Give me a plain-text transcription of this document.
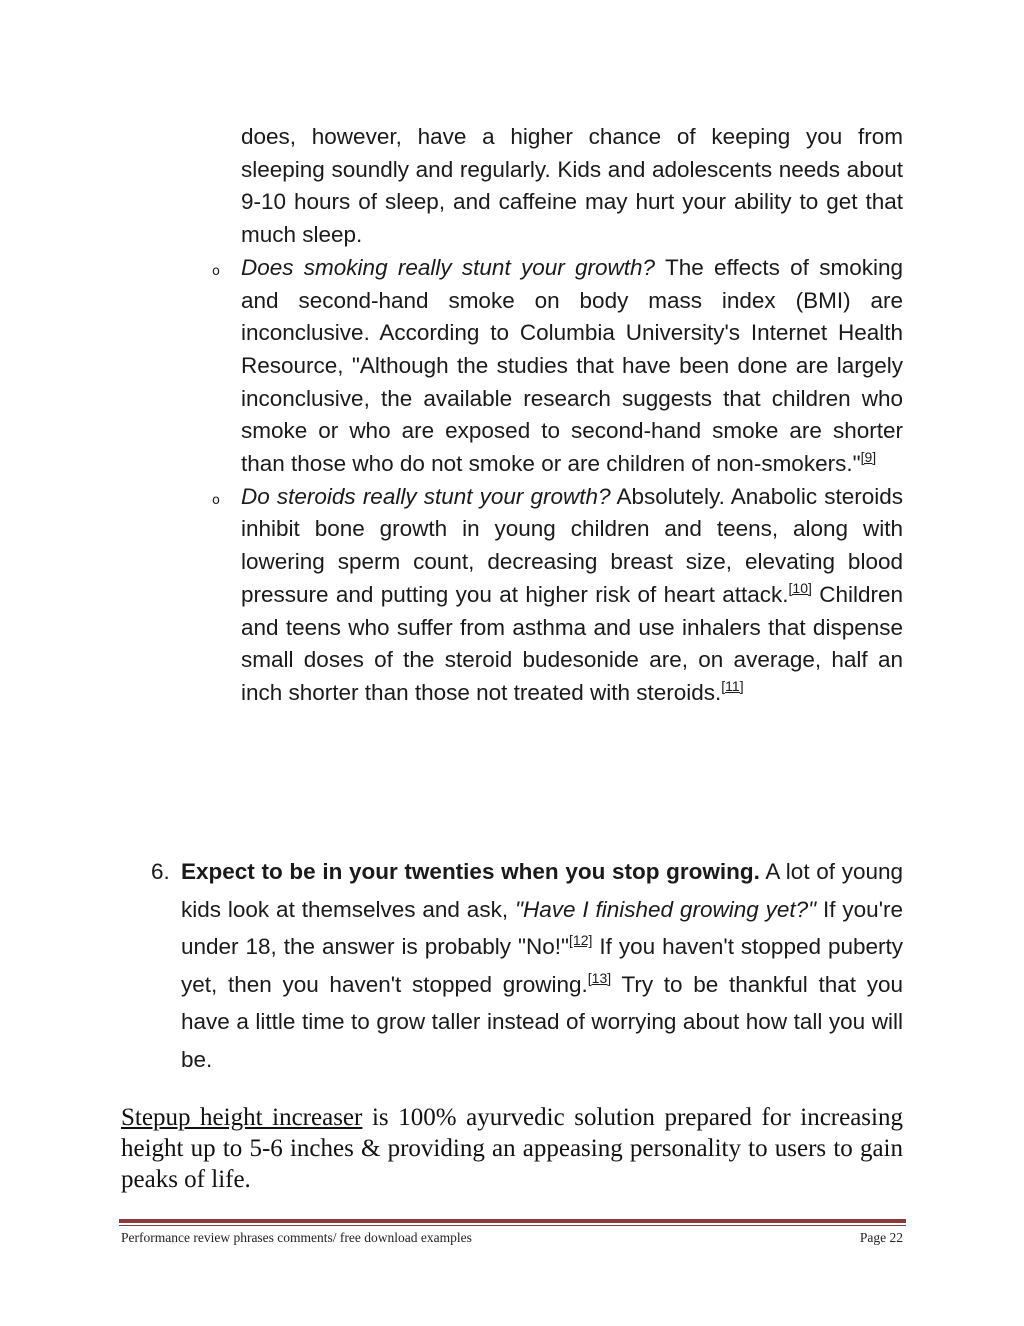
does, however, have a higher chance of keeping you from sleeping soundly and regularly. Kids and adolescents needs about 9-10 hours of sleep, and caffeine may hurt your ability to get that much sleep.

o Does smoking really stunt your growth? The effects of smoking and second-hand smoke on body mass index (BMI) are inconclusive. According to Columbia University's Internet Health Resource, "Although the studies that have been done are largely inconclusive, the available research suggests that children who smoke or who are exposed to second-hand smoke are shorter than those who do not smoke or are children of non-smokers."[9]

o Do steroids really stunt your growth? Absolutely. Anabolic steroids inhibit bone growth in young children and teens, along with lowering sperm count, decreasing breast size, elevating blood pressure and putting you at higher risk of heart attack.[10] Children and teens who suffer from asthma and use inhalers that dispense small doses of the steroid budesonide are, on average, half an inch shorter than those not treated with steroids.[11]

6. Expect to be in your twenties when you stop growing. A lot of young kids look at themselves and ask, "Have I finished growing yet?" If you're under 18, the answer is probably "No!"[12] If you haven't stopped puberty yet, then you haven't stopped growing.[13] Try to be thankful that you have a little time to grow taller instead of worrying about how tall you will be.

Stepup height increaser is 100% ayurvedic solution prepared for increasing height up to 5-6 inches & providing an appeasing personality to users to gain peaks of life.

Performance review phrases comments/ free download examples	Page 22
